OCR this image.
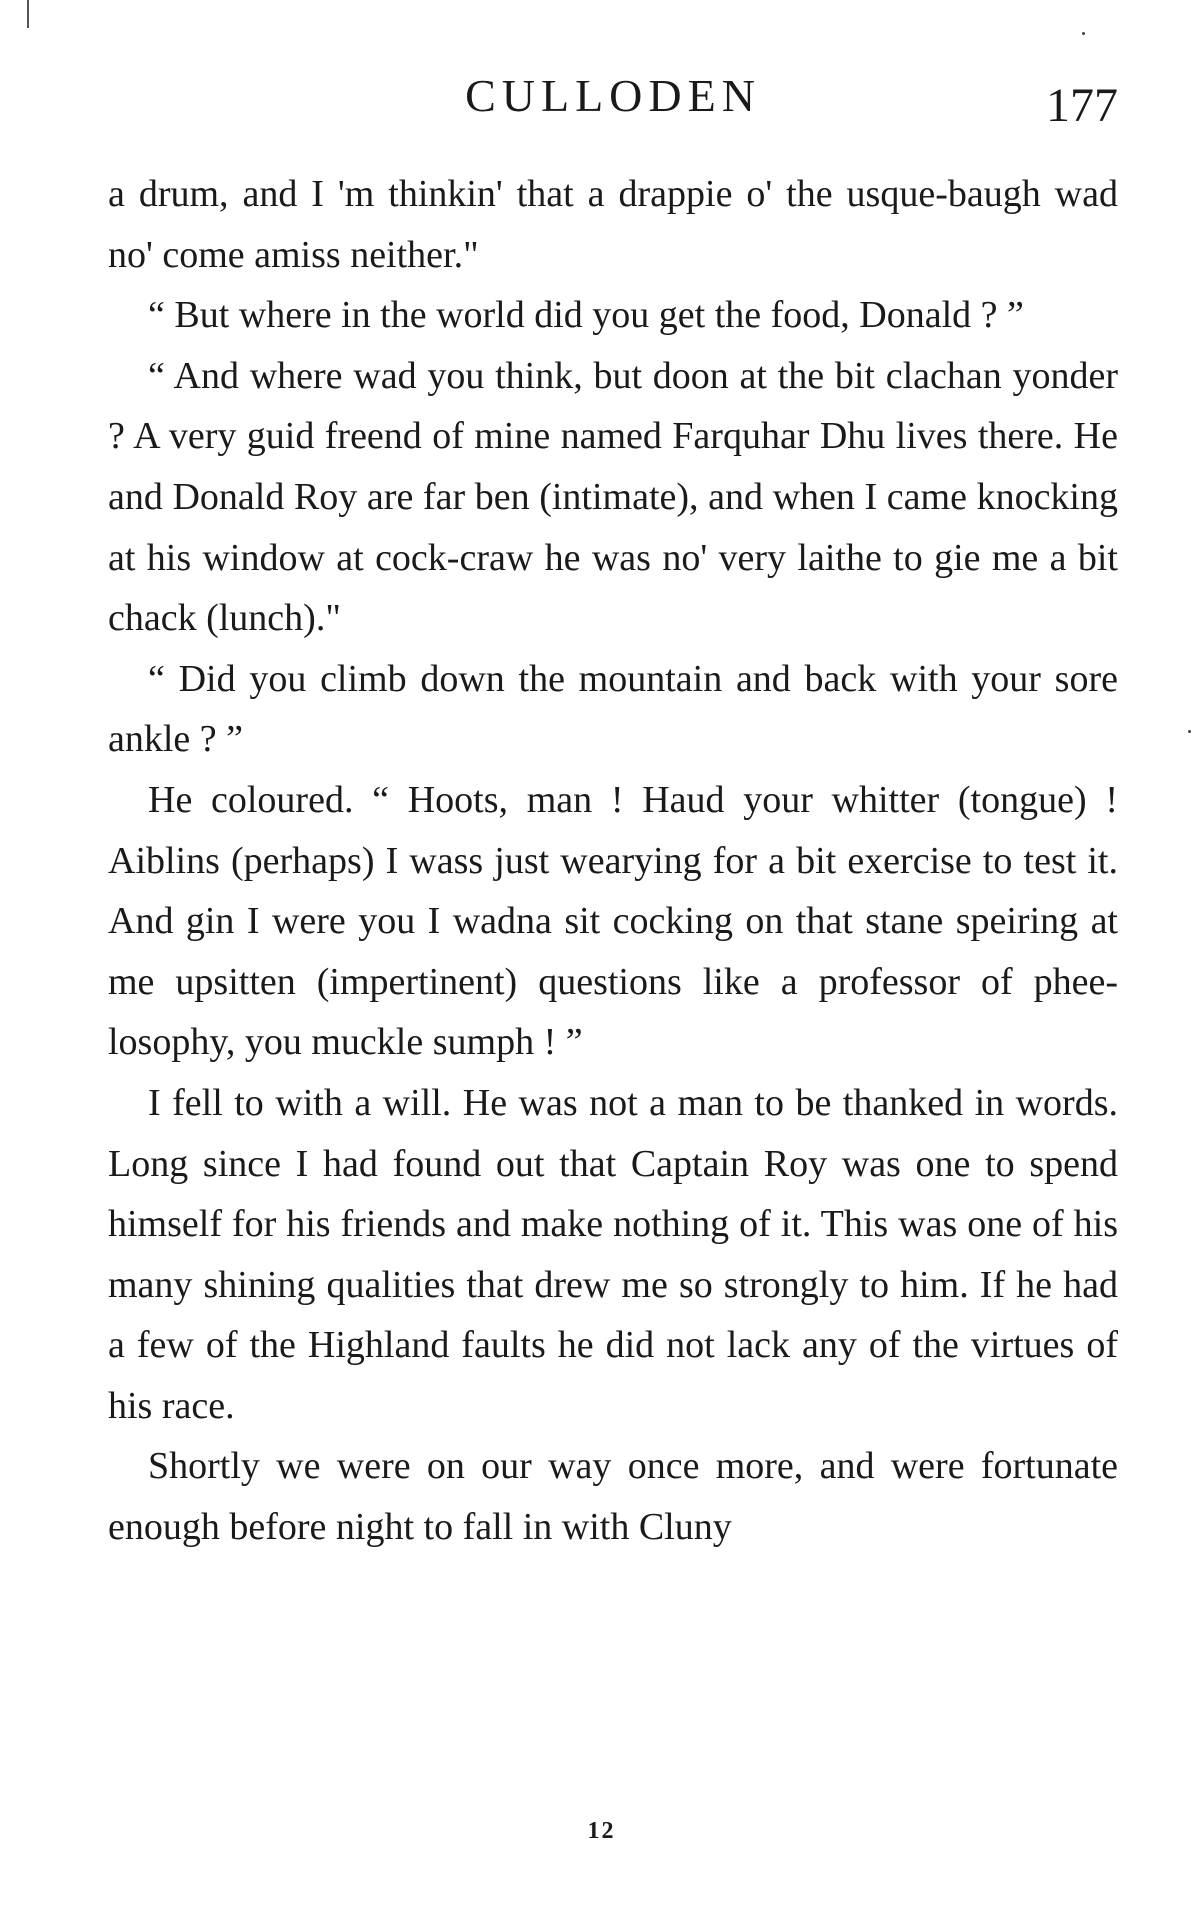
CULLODEN	177

a drum, and I 'm thinkin' that a drappie o' the usque-baugh wad no' come amiss neither."

“ But where in the world did you get the food, Donald ? ”

“ And where wad you think, but doon at the bit clachan yonder ? A very guid freend of mine named Farquhar Dhu lives there. He and Donald Roy are far ben (intimate), and when I came knocking at his window at cock-craw he was no' very laithe to gie me a bit chack (lunch)."

“ Did you climb down the mountain and back with your sore ankle ? ”

He coloured. “ Hoots, man ! Haud your whitter (tongue) ! Aiblins (perhaps) I wass just wearying for a bit exercise to test it. And gin I were you I wadna sit cocking on that stane speiring at me upsitten (impertinent) questions like a professor of phee-losophy, you muckle sumph ! ”

I fell to with a will. He was not a man to be thanked in words. Long since I had found out that Captain Roy was one to spend himself for his friends and make nothing of it. This was one of his many shining qualities that drew me so strongly to him. If he had a few of the Highland faults he did not lack any of the virtues of his race.

Shortly we were on our way once more, and were fortunate enough before night to fall in with Cluny

12
